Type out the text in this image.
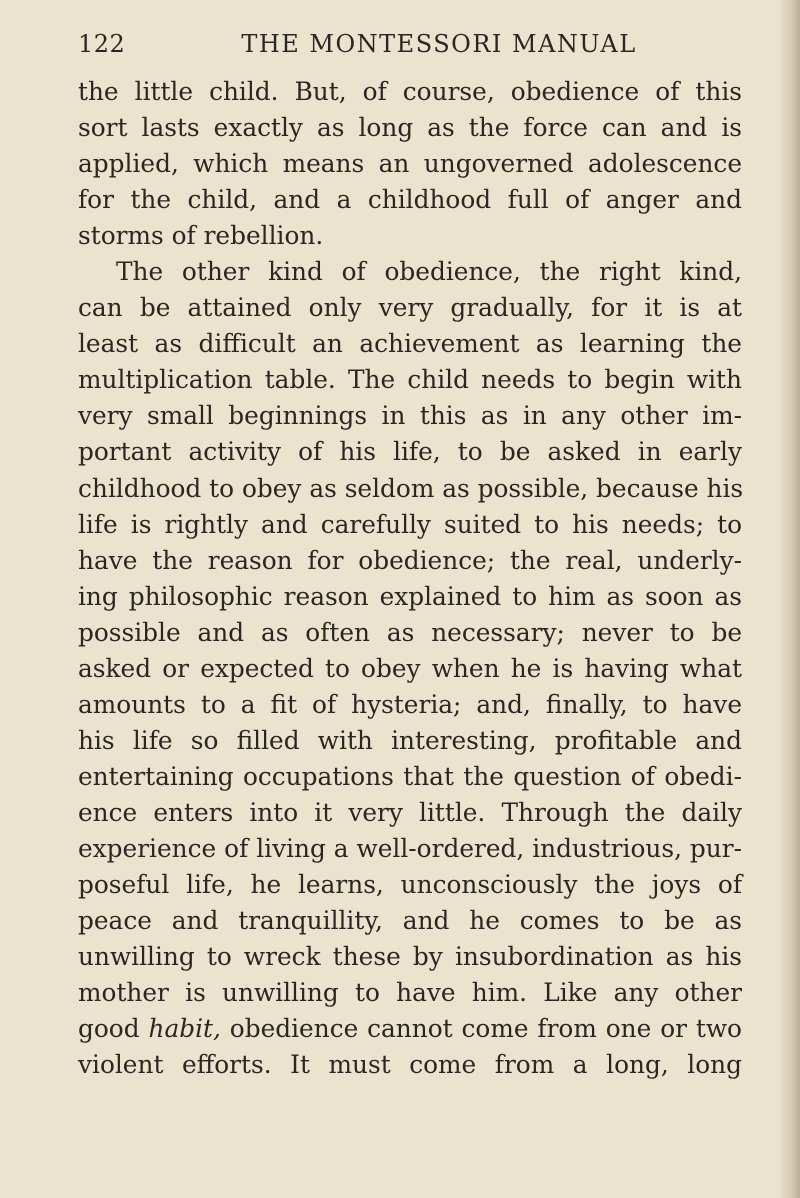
122	THE MONTESSORI MANUAL
the little child. But, of course, obedience of this
sort lasts exactly as long as the force can and is
applied, which means an ungoverned adolescence
for the child, and a childhood full of anger and
storms of rebellion.
The other kind of obedience, the right kind,
can be attained only very gradually, for it is at
least as difficult an achievement as learning the
multiplication table. The child needs to begin with
very small beginnings in this as in any other im-
portant activity of his life, to be asked in early
childhood to obey as seldom as possible, because his
life is rightly and carefully suited to his needs; to
have the reason for obedience; the real, underly-
ing philosophic reason explained to him as soon as
possible and as often as necessary; never to be
asked or expected to obey when he is having what
amounts to a fit of hysteria; and, finally, to have
his life so filled with interesting, profitable and
entertaining occupations that the question of obedi-
ence enters into it very little. Through the daily
experience of living a well-ordered, industrious, pur-
poseful life, he learns, unconsciously the joys of
peace and tranquillity, and he comes to be as
unwilling to wreck these by insubordination as his
mother is unwilling to have him. Like any other
good habit, obedience cannot come from one or two
violent efforts. It must come from a long, long
